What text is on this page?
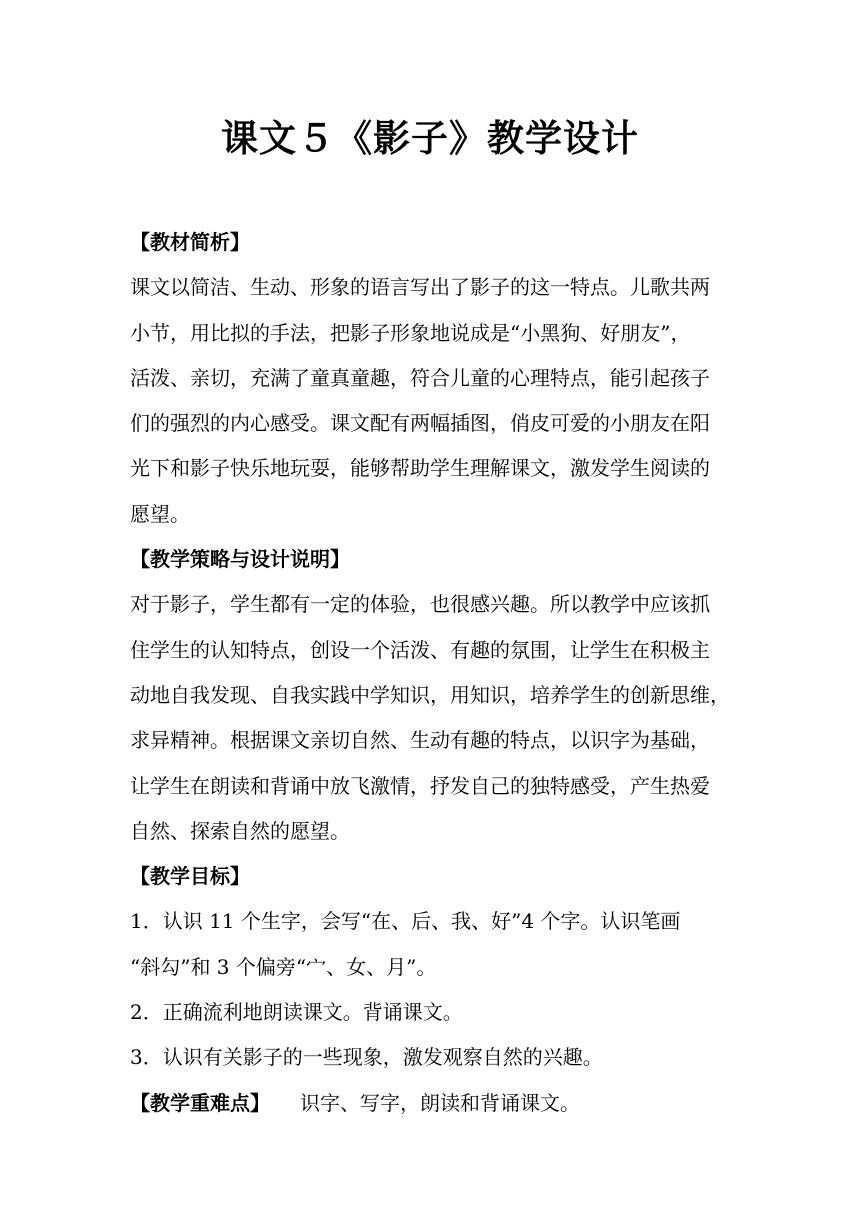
课文５《影子》教学设计
【教材简析】
课文以简洁、生动、形象的语言写出了影子的这一特点。儿歌共两
小节，用比拟的手法，把影子形象地说成是“小黑狗、好朋友”，
活泼、亲切，充满了童真童趣，符合儿童的心理特点，能引起孩子
们的强烈的内心感受。课文配有两幅插图，俏皮可爱的小朋友在阳
光下和影子快乐地玩耍，能够帮助学生理解课文，激发学生阅读的
愿望。
【教学策略与设计说明】
对于影子，学生都有一定的体验，也很感兴趣。所以教学中应该抓
住学生的认知特点，创设一个活泼、有趣的氛围，让学生在积极主
动地自我发现、自我实践中学知识，用知识，培养学生的创新思维，
求异精神。根据课文亲切自然、生动有趣的特点，以识字为基础，
让学生在朗读和背诵中放飞激情，抒发自己的独特感受，产生热爱
自然、探索自然的愿望。
【教学目标】
1．认识 11 个生字，会写“在、后、我、好”4 个字。认识笔画
“斜勾”和 3 个偏旁“宀、女、月”。
2．正确流利地朗读课文。背诵课文。
3．认识有关影子的一些现象，激发观察自然的兴趣。
【教学重难点】 识字、写字，朗读和背诵课文。
